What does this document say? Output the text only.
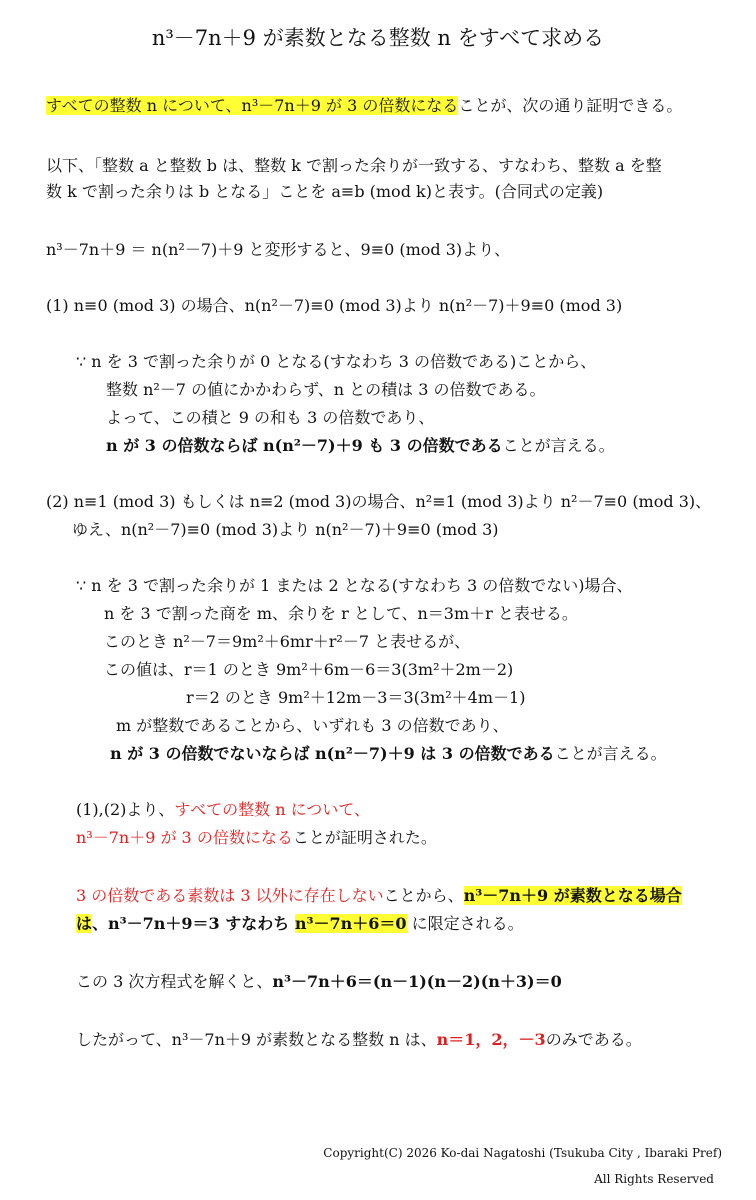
n³－7n＋9 が素数となる整数 n をすべて求める
すべての整数 n について、n³－7n＋9 が 3 の倍数になることが、次の通り証明できる。
以下、「整数 a と整数 b は、整数 k で割った余りが一致する、すなわち、整数 a を整
数 k で割った余りは b となる」ことを a≡b (mod k)と表す。(合同式の定義)
n³－7n＋9 ＝ n(n²－7)＋9 と変形すると、9≡0 (mod 3)より、
(1) n≡0 (mod 3) の場合、n(n²－7)≡0 (mod 3)より n(n²－7)＋9≡0 (mod 3)
∵ n を 3 で割った余りが 0 となる(すなわち 3 の倍数である)ことから、
整数 n²－7 の値にかかわらず、n との積は 3 の倍数である。
よって、この積と 9 の和も 3 の倍数であり、
n が 3 の倍数ならば n(n²－7)＋9 も 3 の倍数であることが言える。
(2) n≡1 (mod 3) もしくは n≡2 (mod 3)の場合、n²≡1 (mod 3)より n²－7≡0 (mod 3)、
ゆえ、n(n²－7)≡0 (mod 3)より n(n²－7)＋9≡0 (mod 3)
∵ n を 3 で割った余りが 1 または 2 となる(すなわち 3 の倍数でない)場合、
n を 3 で割った商を m、余りを r として、n＝3m＋r と表せる。
このとき n²－7＝9m²＋6mr＋r²－7 と表せるが、
この値は、r＝1 のとき 9m²＋6m－6＝3(3m²＋2m－2)
r＝2 のとき 9m²＋12m－3＝3(3m²＋4m－1)
m が整数であることから、いずれも 3 の倍数であり、
n が 3 の倍数でないならば n(n²－7)＋9 は 3 の倍数であることが言える。
(1),(2)より、すべての整数 n について、
n³－7n＋9 が 3 の倍数になることが証明された。
3 の倍数である素数は 3 以外に存在しないことから、n³－7n＋9 が素数となる場合
は、n³－7n＋9＝3 すなわち n³－7n＋6＝0 に限定される。
この 3 次方程式を解くと、n³－7n＋6＝(n－1)(n－2)(n＋3)＝0
したがって、n³－7n＋9 が素数となる整数 n は、n＝1，2，－3のみである。
Copyright(C) 2026 Ko-dai Nagatoshi (Tsukuba City , Ibaraki Pref)
All Rights Reserved
